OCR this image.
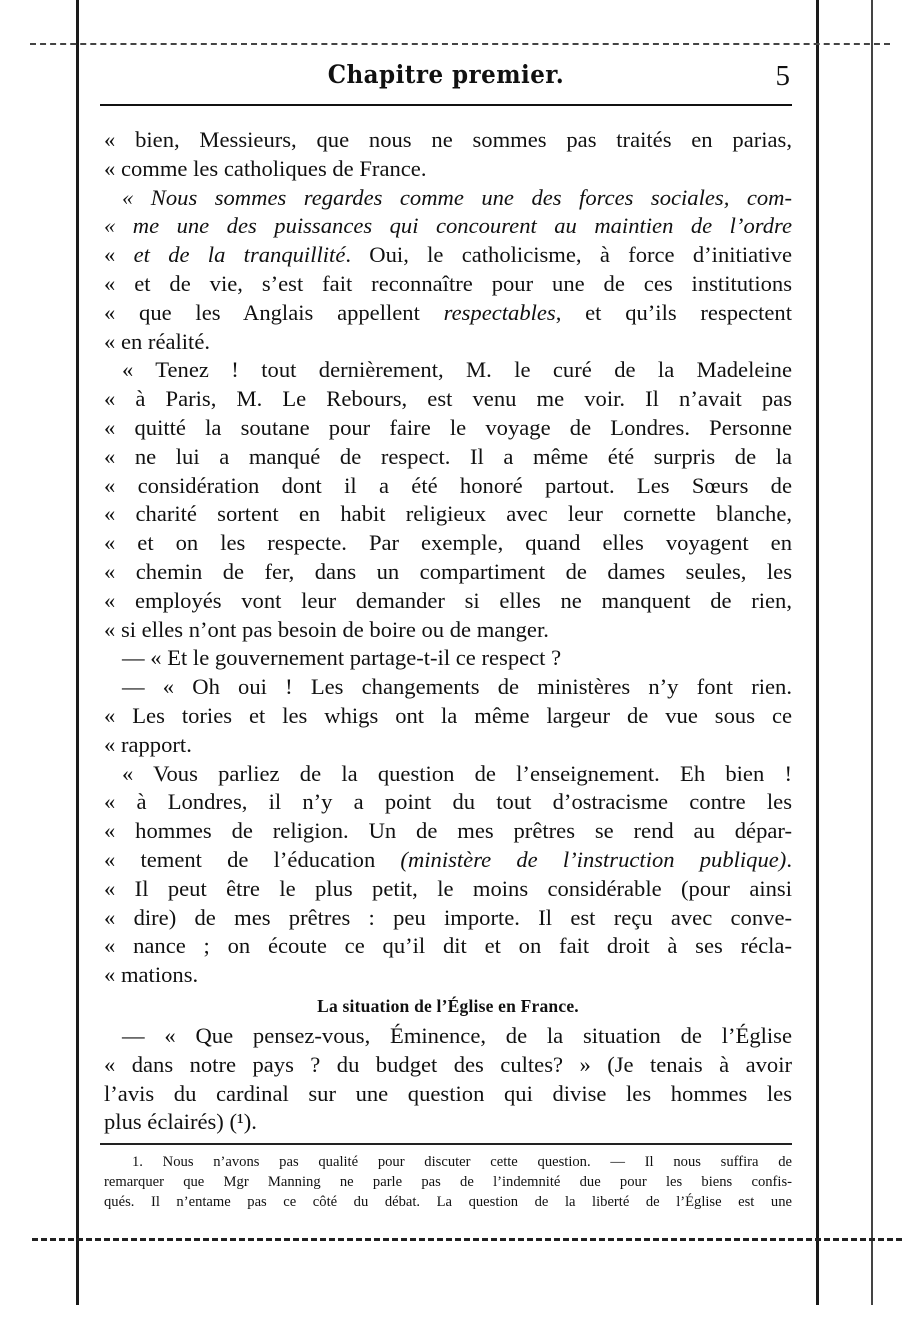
Chapitre premier.	5
« bien, Messieurs, que nous ne sommes pas traités en parias,
« comme les catholiques de France.
« Nous sommes regardes comme une des forces sociales, com-
« me une des puissances qui concourent au maintien de l’ordre
« et de la tranquillité. Oui, le catholicisme, à force d’initiative
« et de vie, s’est fait reconnaître pour une de ces institutions
« que les Anglais appellent respectables, et qu’ils respectent
« en réalité.
« Tenez ! tout dernièrement, M. le curé de la Madeleine
« à Paris, M. Le Rebours, est venu me voir. Il n’avait pas
« quitté la soutane pour faire le voyage de Londres. Personne
« ne lui a manqué de respect. Il a même été surpris de la
« considération dont il a été honoré partout. Les Sœurs de
« charité sortent en habit religieux avec leur cornette blanche,
« et on les respecte. Par exemple, quand elles voyagent en
« chemin de fer, dans un compartiment de dames seules, les
« employés vont leur demander si elles ne manquent de rien,
« si elles n’ont pas besoin de boire ou de manger.
— « Et le gouvernement partage-t-il ce respect ?
— « Oh oui ! Les changements de ministères n’y font rien.
« Les tories et les whigs ont la même largeur de vue sous ce
« rapport.
« Vous parliez de la question de l’enseignement. Eh bien !
« à Londres, il n’y a point du tout d’ostracisme contre les
« hommes de religion. Un de mes prêtres se rend au dépar-
« tement de l’éducation (ministère de l’instruction publique).
« Il peut être le plus petit, le moins considérable (pour ainsi
« dire) de mes prêtres : peu importe. Il est reçu avec conve-
« nance ; on écoute ce qu’il dit et on fait droit à ses récla-
« mations.
La situation de l’Église en France.
— « Que pensez-vous, Éminence, de la situation de l’Église
« dans notre pays ? du budget des cultes? » (Je tenais à avoir
l’avis du cardinal sur une question qui divise les hommes les
plus éclairés) (¹).
1. Nous n’avons pas qualité pour discuter cette question. — Il nous suffira de
remarquer que Mgr Manning ne parle pas de l’indemnité due pour les biens confis-
qués. Il n’entame pas ce côté du débat. La question de la liberté de l’Église est une
